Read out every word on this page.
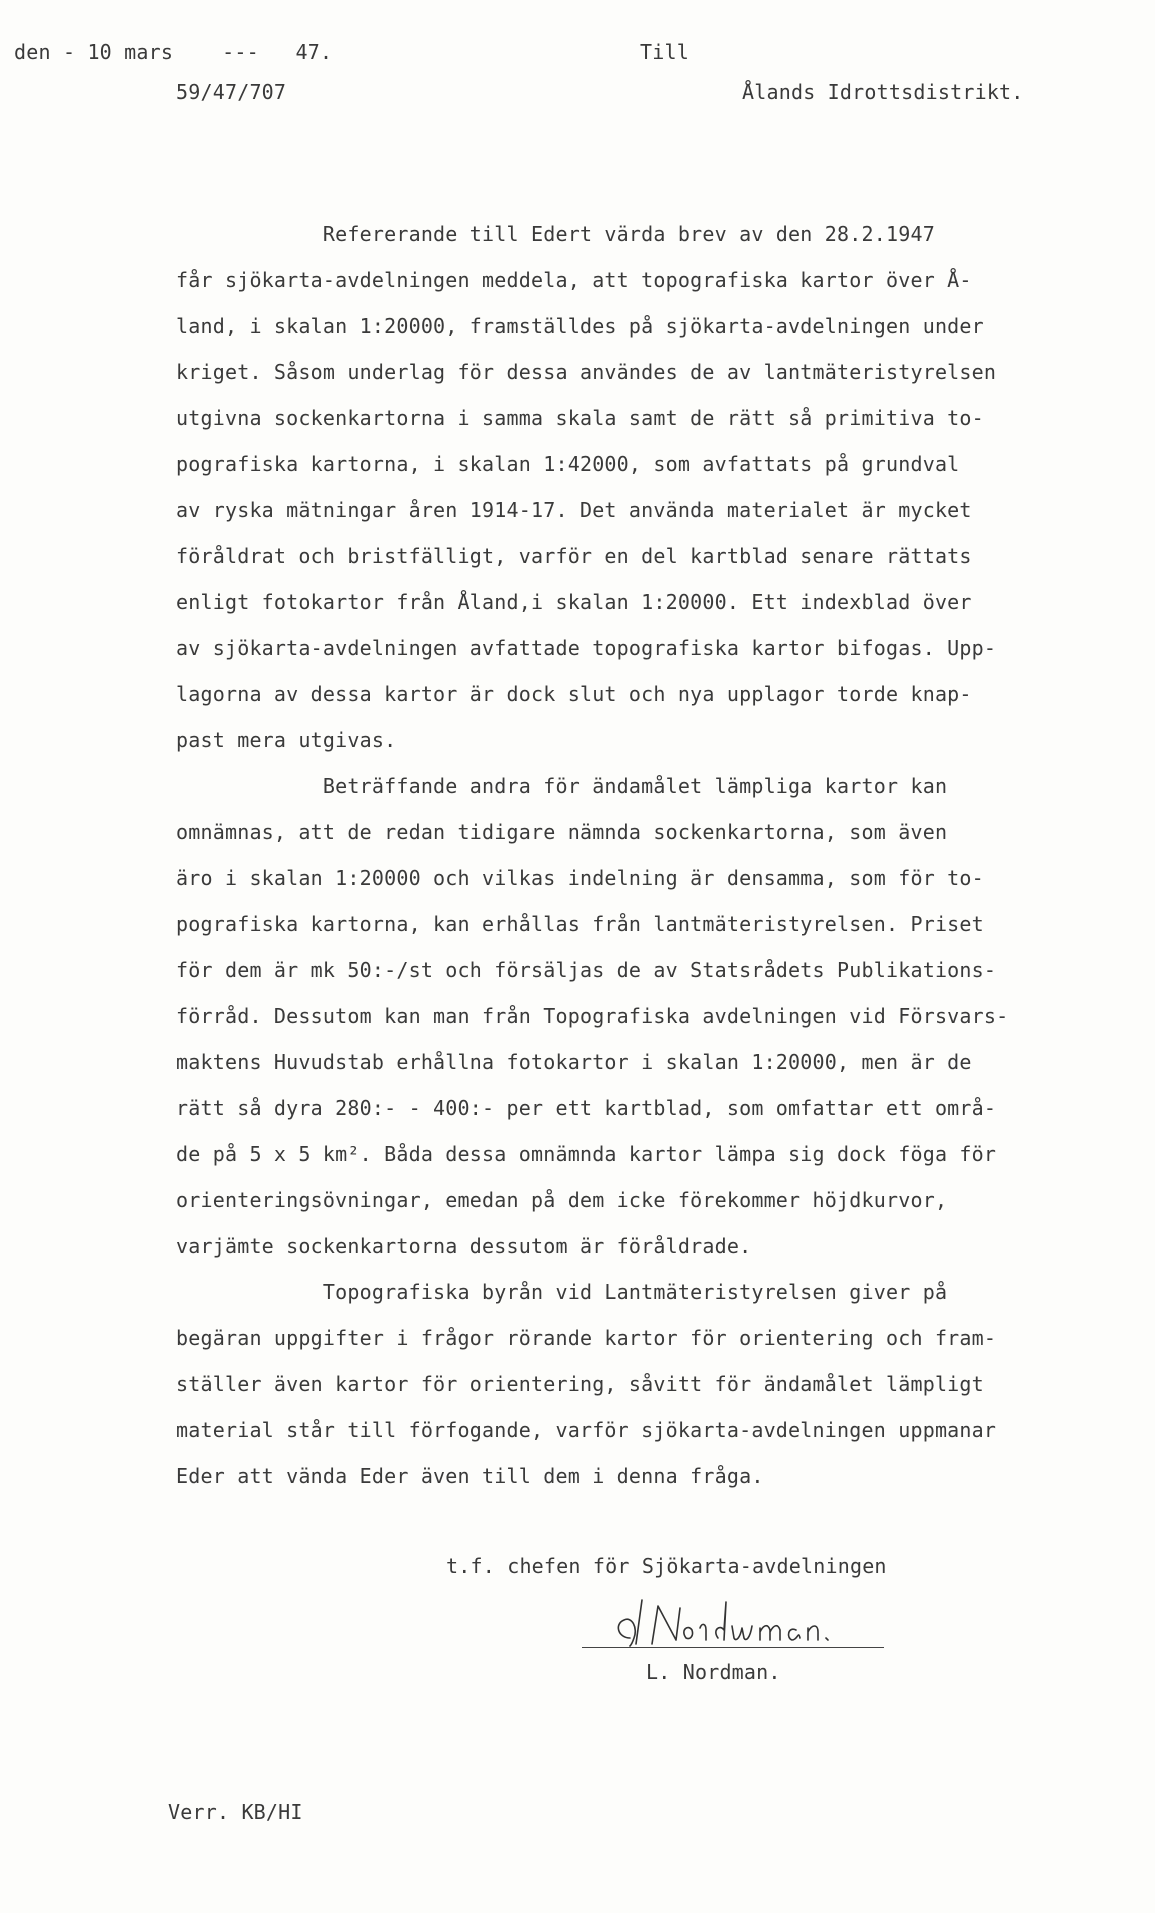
den - 10 mars    ---   47.	Till
59/47/707	Ålands Idrottsdistrikt.
Refererande till Edert värda brev av den 28.2.1947
får sjökarta-avdelningen meddela, att topografiska kartor över Å-
land, i skalan 1:20000, framställdes på sjökarta-avdelningen under
kriget. Såsom underlag för dessa användes de av lantmäteristyrelsen
utgivna sockenkartorna i samma skala samt de rätt så primitiva to-
pografiska kartorna, i skalan 1:42000, som avfattats på grundval
av ryska mätningar åren 1914-17. Det använda materialet är mycket
föråldrat och bristfälligt, varför en del kartblad senare rättats
enligt fotokartor från Åland,i skalan 1:20000. Ett indexblad över
av sjökarta-avdelningen avfattade topografiska kartor bifogas. Upp-
lagorna av dessa kartor är dock slut och nya upplagor torde knap-
past mera utgivas.
Beträffande andra för ändamålet lämpliga kartor kan
omnämnas, att de redan tidigare nämnda sockenkartorna, som även
äro i skalan 1:20000 och vilkas indelning är densamma, som för to-
pografiska kartorna, kan erhållas från lantmäteristyrelsen. Priset
för dem är mk 50:-/st och försäljas de av Statsrådets Publikations-
förråd. Dessutom kan man från Topografiska avdelningen vid Försvars-
maktens Huvudstab erhållna fotokartor i skalan 1:20000, men är de
rätt så dyra 280:- - 400:- per ett kartblad, som omfattar ett områ-
de på 5 x 5 km². Båda dessa omnämnda kartor lämpa sig dock föga för
orienteringsövningar, emedan på dem icke förekommer höjdkurvor,
varjämte sockenkartorna dessutom är föråldrade.
Topografiska byrån vid Lantmäteristyrelsen giver på
begäran uppgifter i frågor rörande kartor för orientering och fram-
ställer även kartor för orientering, såvitt för ändamålet lämpligt
material står till förfogande, varför sjökarta-avdelningen uppmanar
Eder att vända Eder även till dem i denna fråga.
t.f. chefen för Sjökarta-avdelningen
L. Nordman.
Verr. KB/HI
